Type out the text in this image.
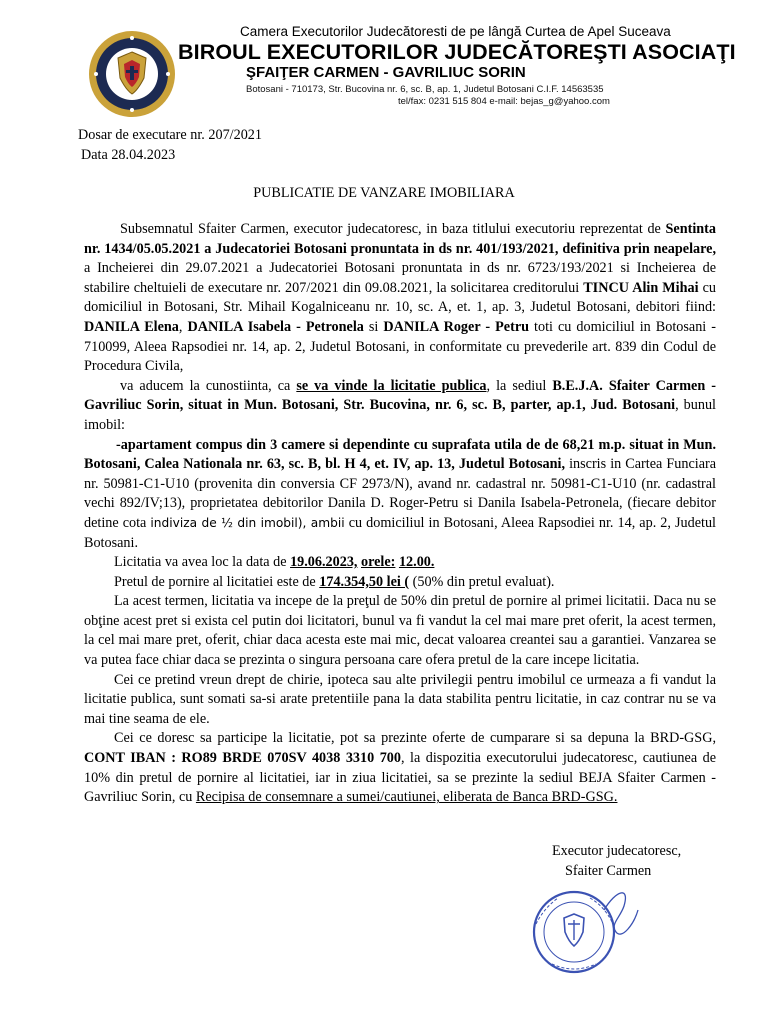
Camera Executorilor Judecătoresti de pe lângă Curtea de Apel Suceava
BIROUL EXECUTORILOR JUDECĂTOREŞTI ASOCIAŢI
ŞFAIŢER CARMEN - GAVRILIUC SORIN
Botosani - 710173, Str. Bucovina nr. 6, sc. B, ap. 1, Judetul Botosani C.I.F. 14563535
tel/fax: 0231 515 804 e-mail: bejas_g@yahoo.com
Dosar de executare nr. 207/2021
Data 28.04.2023
PUBLICATIE DE VANZARE IMOBILIARA

Subsemnatul Sfaiter Carmen, executor judecatoresc, in baza titlului executoriu reprezentat de Sentinta nr. 1434/05.05.2021 a Judecatoriei Botosani pronuntata in ds nr. 401/193/2021, definitiva prin neapelare, a Incheierei din 29.07.2021 a Judecatoriei Botosani pronuntata in ds nr. 6723/193/2021 si Incheierea de stabilire cheltuieli de executare nr. 207/2021 din 09.08.2021, la solicitarea creditorului TINCU Alin Mihai cu domiciliul in Botosani, Str. Mihail Kogalniceanu nr. 10, sc. A, et. 1, ap. 3, Judetul Botosani, debitori fiind: DANILA Elena, DANILA Isabela - Petronela si DANILA Roger - Petru toti cu domiciliul in Botosani - 710099, Aleea Rapsodiei nr. 14, ap. 2, Judetul Botosani, in conformitate cu prevederile art. 839 din Codul de Procedura Civila,

va aducem la cunostiinta, ca se va vinde la licitatie publica, la sediul B.E.J.A. Sfaiter Carmen - Gavriliuc Sorin, situat in Mun. Botosani, Str. Bucovina, nr. 6, sc. B, parter, ap.1, Jud. Botosani, bunul imobil:

-apartament compus din 3 camere si dependinte cu suprafata utila de de 68,21 m.p. situat in Mun. Botosani, Calea Nationala nr. 63, sc. B, bl. H 4, et. IV, ap. 13, Judetul Botosani, inscris in Cartea Funciara nr. 50981-C1-U10 (provenita din conversia CF 2973/N), avand nr. cadastral nr. 50981-C1-U10 (nr. cadastral vechi 892/IV;13), proprietatea debitorilor Danila D. Roger-Petru si Danila Isabela-Petronela, (fiecare debitor detine cota indiviza de ½ din imobil), ambii cu domiciliul in Botosani, Aleea Rapsodiei nr. 14, ap. 2, Judetul Botosani.

Licitatia va avea loc la data de 19.06.2023, orele: 12.00.

Pretul de pornire al licitatiei este de 174.354,50 lei ( (50% din pretul evaluat).

La acest termen, licitatia va incepe de la preţul de 50% din pretul de pornire al primei licitatii. Daca nu se obţine acest pret si exista cel putin doi licitatori, bunul va fi vandut la cel mai mare pret oferit, la acest termen, la cel mai mare pret, oferit, chiar daca acesta este mai mic, decat valoarea creantei sau a garantiei. Vanzarea se va putea face chiar daca se prezinta o singura persoana care ofera pretul de la care incepe licitatia.

Cei ce pretind vreun drept de chirie, ipoteca sau alte privilegii pentru imobilul ce urmeaza a fi vandut la licitatie publica, sunt somati sa-si arate pretentiile pana la data stabilita pentru licitatie, in caz contrar nu se va mai tine seama de ele.

Cei ce doresc sa participe la licitatie, pot sa prezinte oferte de cumparare si sa depuna la BRD-GSG, CONT IBAN : RO89 BRDE 070SV 4038 3310 700, la dispozitia executorului judecatoresc, cautiunea de 10% din pretul de pornire al licitatiei, iar in ziua licitatiei, sa se prezinte la sediul BEJA Sfaiter Carmen - Gavriliuc Sorin, cu Recipisa de consemnare a sumei/cautiunei, eliberata de Banca BRD-GSG.

Executor judecatoresc,
Sfaiter Carmen
